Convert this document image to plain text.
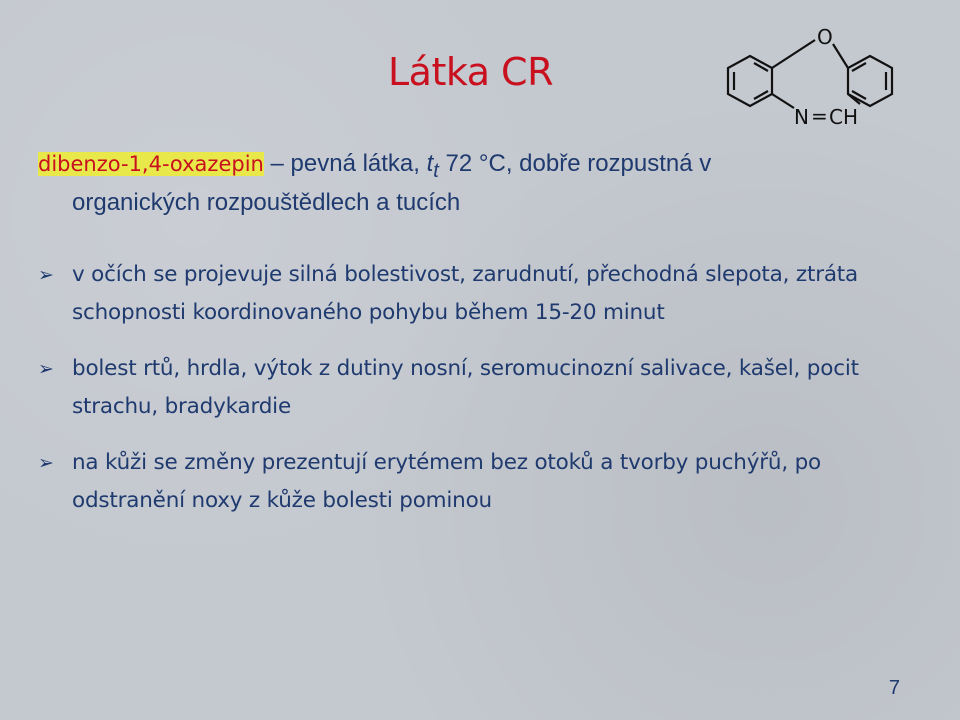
Látka CR
O
N = CH
dibenzo-1,4-oxazepin – pevná látka, $t_t$ 72 °C, dobře rozpustná v
organických rozpouštědlech a tucích
➢ v očích se projevuje silná bolestivost, zarudnutí, přechodná slepota, ztráta schopnosti koordinovaného pohybu během 15-20 minut
➢ bolest rtů, hrdla, výtok z dutiny nosní, seromucinozní salivace, kašel, pocit strachu, bradykardie
➢ na kůži se změny prezentují erytémem bez otoků a tvorby puchýřů, po odstranění noxy z kůže bolesti pominou
7
